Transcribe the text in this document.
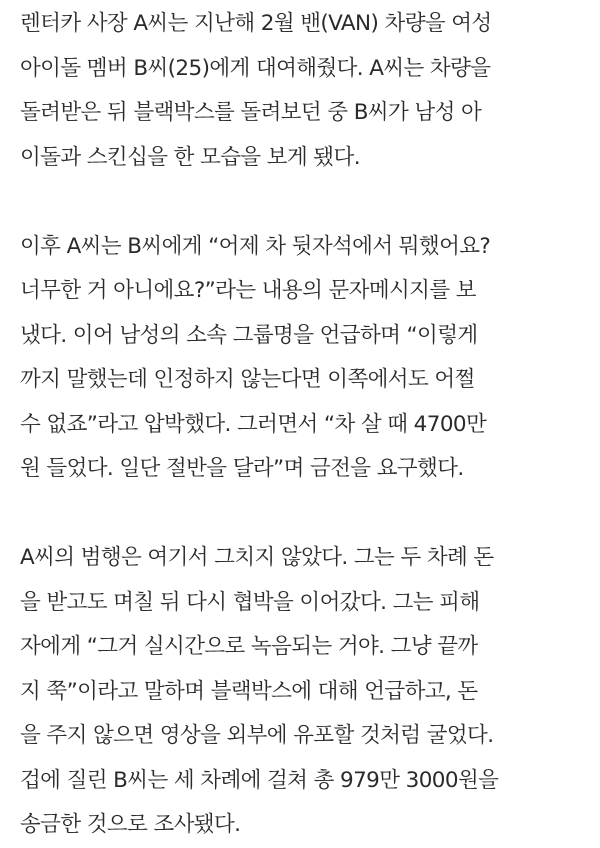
렌터카 사장 A씨는 지난해 2월 밴(VAN) 차량을 여성
아이돌 멤버 B씨(25)에게 대여해줬다. A씨는 차량을
돌려받은 뒤 블랙박스를 돌려보던 중 B씨가 남성 아
이돌과 스킨십을 한 모습을 보게 됐다.
이후 A씨는 B씨에게 “어제 차 뒷자석에서 뭐했어요?
너무한 거 아니에요?”라는 내용의 문자메시지를 보
냈다. 이어 남성의 소속 그룹명을 언급하며 “이렇게
까지 말했는데 인정하지 않는다면 이쪽에서도 어쩔
수 없죠”라고 압박했다. 그러면서 “차 살 때 4700만
원 들었다. 일단 절반을 달라”며 금전을 요구했다.
A씨의 범행은 여기서 그치지 않았다. 그는 두 차례 돈
을 받고도 며칠 뒤 다시 협박을 이어갔다. 그는 피해
자에게 “그거 실시간으로 녹음되는 거야. 그냥 끝까
지 쭉”이라고 말하며 블랙박스에 대해 언급하고, 돈
을 주지 않으면 영상을 외부에 유포할 것처럼 굴었다.
겁에 질린 B씨는 세 차례에 걸쳐 총 979만 3000원을
송금한 것으로 조사됐다.
